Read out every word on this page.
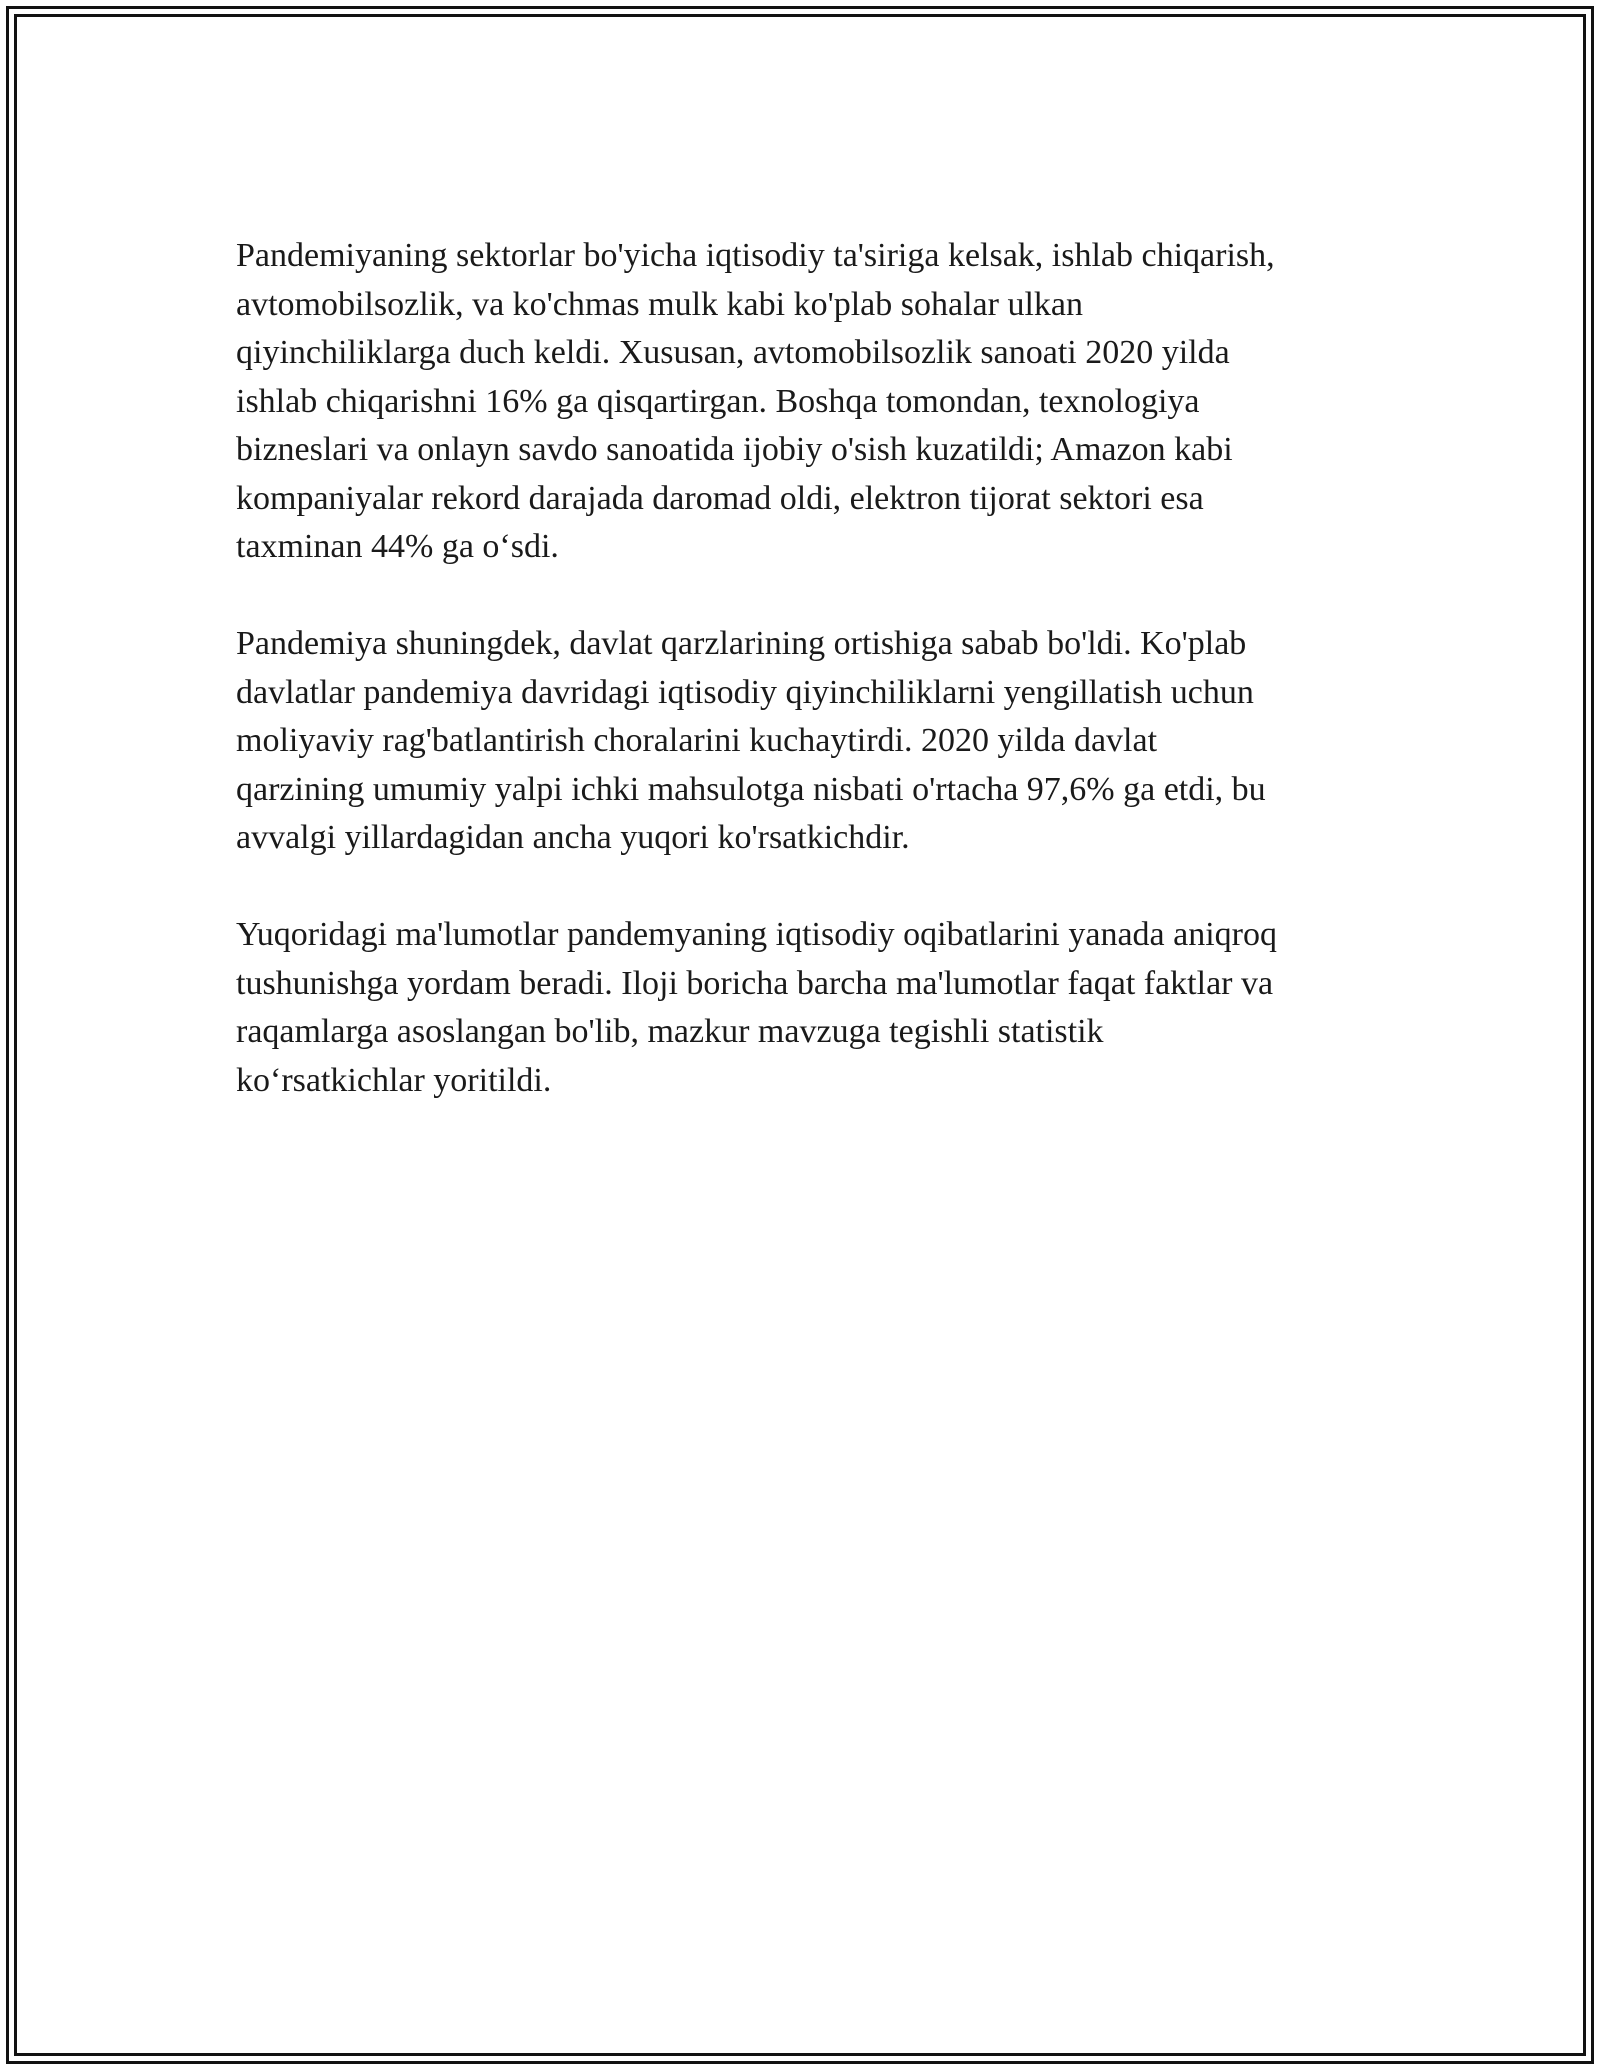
Pandemiyaning sektorlar bo'yicha iqtisodiy ta'siriga kelsak, ishlab chiqarish,
avtomobilsozlik, va ko'chmas mulk kabi ko'plab sohalar ulkan
qiyinchiliklarga duch keldi. Xususan, avtomobilsozlik sanoati 2020 yilda
ishlab chiqarishni 16% ga qisqartirgan. Boshqa tomondan, texnologiya
bizneslari va onlayn savdo sanoatida ijobiy o'sish kuzatildi; Amazon kabi
kompaniyalar rekord darajada daromad oldi, elektron tijorat sektori esa
taxminan 44% ga o‘sdi.

Pandemiya shuningdek, davlat qarzlarining ortishiga sabab bo'ldi. Ko'plab
davlatlar pandemiya davridagi iqtisodiy qiyinchiliklarni yengillatish uchun
moliyaviy rag'batlantirish choralarini kuchaytirdi. 2020 yilda davlat
qarzining umumiy yalpi ichki mahsulotga nisbati o'rtacha 97,6% ga etdi, bu
avvalgi yillardagidan ancha yuqori ko'rsatkichdir.

Yuqoridagi ma'lumotlar pandemyaning iqtisodiy oqibatlarini yanada aniqroq
tushunishga yordam beradi. Iloji boricha barcha ma'lumotlar faqat faktlar va
raqamlarga asoslangan bo'lib, mazkur mavzuga tegishli statistik
ko‘rsatkichlar yoritildi.
